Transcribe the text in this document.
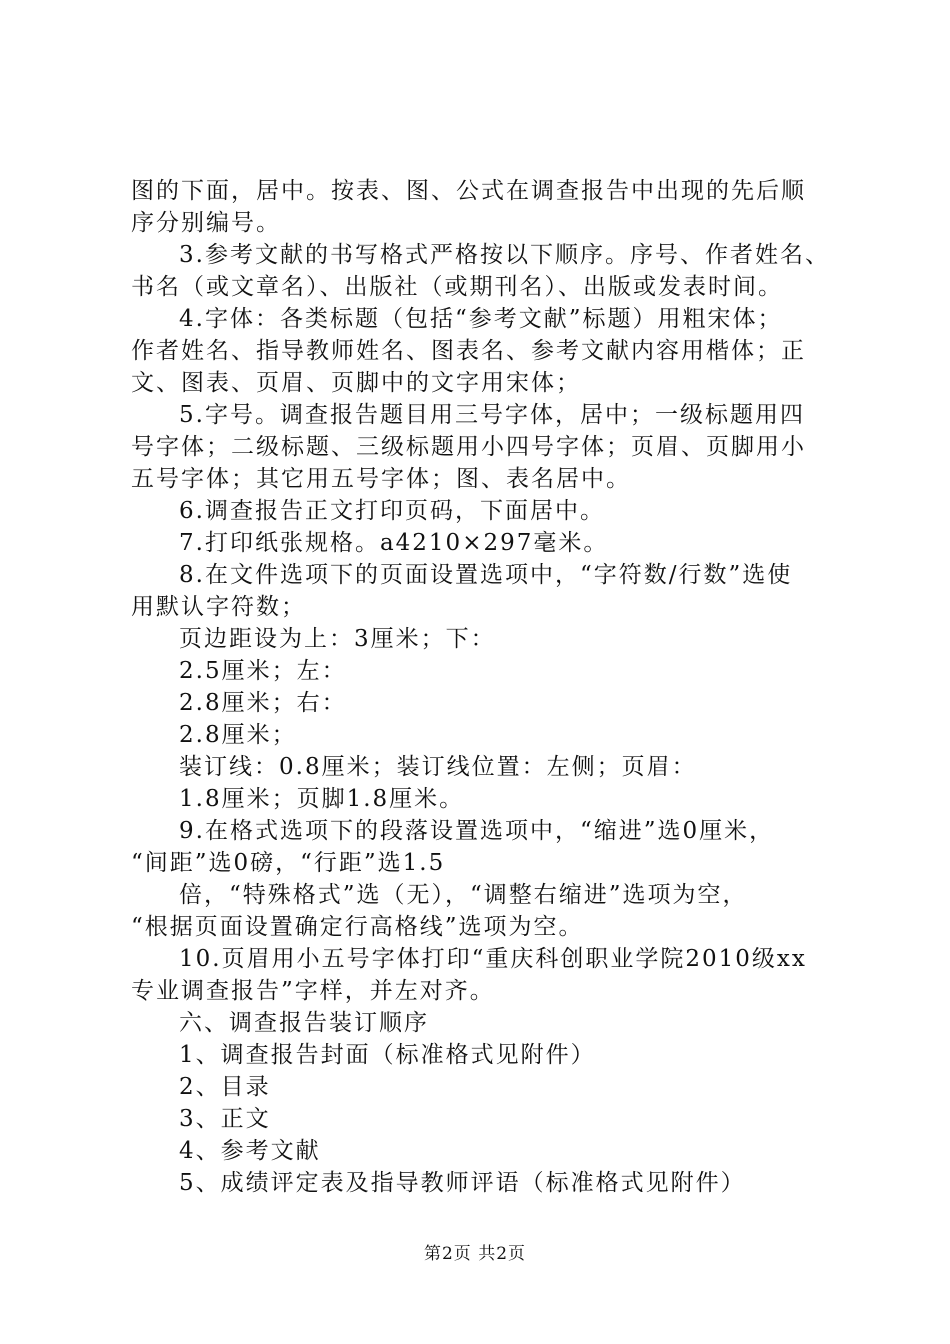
图的下面，居中。按表、图、公式在调查报告中出现的先后顺
序分别编号。
3.参考文献的书写格式严格按以下顺序。序号、作者姓名、
书名（或文章名）、出版社（或期刊名）、出版或发表时间。
4.字体：各类标题（包括“参考文献”标题）用粗宋体；
作者姓名、指导教师姓名、图表名、参考文献内容用楷体；正
文、图表、页眉、页脚中的文字用宋体；
5.字号。调查报告题目用三号字体，居中；一级标题用四
号字体；二级标题、三级标题用小四号字体；页眉、页脚用小
五号字体；其它用五号字体；图、表名居中。
6.调查报告正文打印页码，下面居中。
7.打印纸张规格。a4210×297毫米。
8.在文件选项下的页面设置选项中，“字符数/行数”选使
用默认字符数；
页边距设为上：3厘米；下：
2.5厘米；左：
2.8厘米；右：
2.8厘米；
装订线：0.8厘米；装订线位置：左侧；页眉：
1.8厘米；页脚1.8厘米。
9.在格式选项下的段落设置选项中，“缩进”选0厘米，
“间距”选0磅，“行距”选1.5
倍，“特殊格式”选（无），“调整右缩进”选项为空，
“根据页面设置确定行高格线”选项为空。
10.页眉用小五号字体打印“重庆科创职业学院2010级xx
专业调查报告”字样，并左对齐。
六、调查报告装订顺序
1、调查报告封面（标准格式见附件）
2、目录
3、正文
4、参考文献
5、成绩评定表及指导教师评语（标准格式见附件）
第2页 共2页
